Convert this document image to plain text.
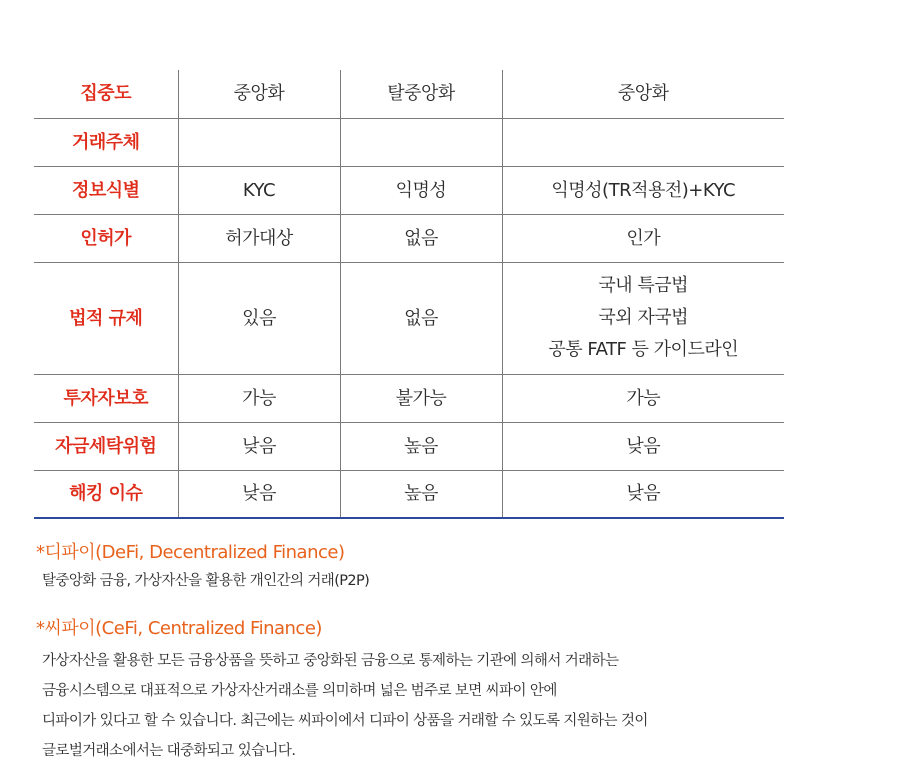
구 분	제도권금융	디파이(DeFi)*	씨파이(CeFi)*
집중도	중앙화	탈중앙화	중앙화

거래주체			

정보식별	KYC	익명성	익명성(TR적용전)+KYC

인허가	허가대상	없음	인가

법적 규제	있음	없음	국내 특금법
국외 자국법
공통 FATF 등 가이드라인

투자자보호	가능	불가능	가능

자금세탁위험	낮음	높음	낮음

해킹 이슈	낮음	높음	낮음

*디파이(DeFi, Decentralized Finance)

탈중앙화 금융, 가상자산을 활용한 개인간의 거래(P2P)

*씨파이(CeFi, Centralized Finance)

가상자산을 활용한 모든 금융상품을 뜻하고 중앙화된 금융으로 통제하는 기관에 의해서 거래하는

금융시스템으로 대표적으로 가상자산거래소를 의미하며 넓은 범주로 보면 씨파이 안에

디파이가 있다고 할 수 있습니다. 최근에는 씨파이에서 디파이 상품을 거래할 수 있도록 지원하는 것이

글로벌거래소에서는 대중화되고 있습니다.
